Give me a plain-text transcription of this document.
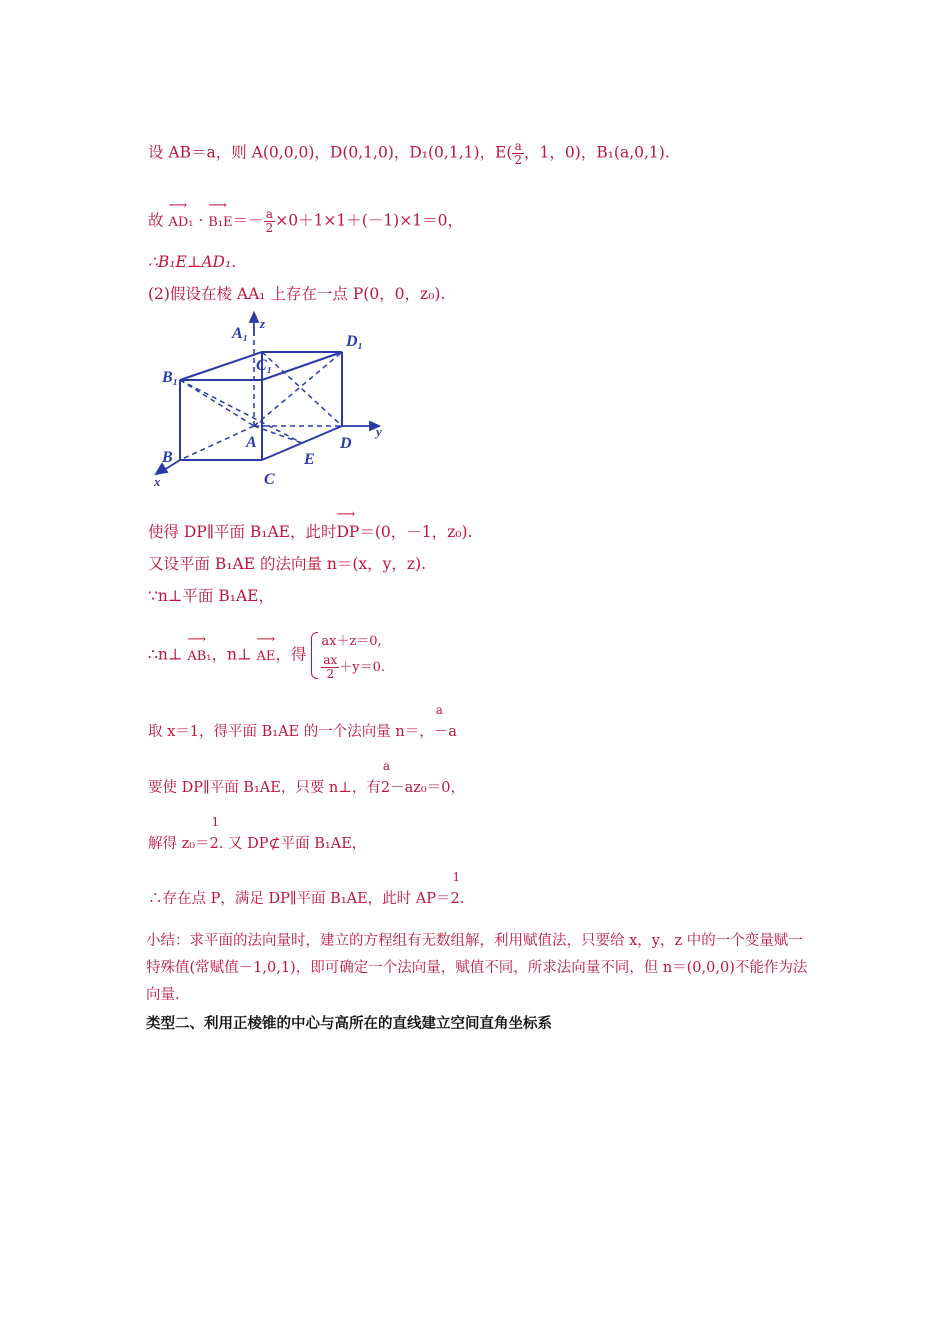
设 AB＝a，则 A(0,0,0)，D(0,1,0)，D₁(0,1,1)，$E( \frac{a}{2}$ ，1，0)，B₁(a,0,1).
故 ⟶ AD₁ · ⟶ $B_1E=- \frac{a}{2} \times 0+1\times 1+(-1)\times 1=0$，
∴B₁E⊥AD₁.
(2)假设在棱 AA₁ 上存在一点 P(0，0，z₀).
A₁
z
D₁
C₁
B₁
A
y
D
B	E
x	C
使得 DP∥平面 B₁AE，此时⟶ DP＝(0，－1，z₀).
又设平面 B₁AE 的法向量 n＝(x，y，z).
∵n⊥平面 B₁AE，
∴n⊥ ⟶ AB₁，n⊥ ⟶ AE，得
ax＋z＝0,
$\frac{ax}{2} +y=0$.
取 x＝1，得平面 B₁AE 的一个法向量 n＝，
a
－a
要使 DP∥平面 B₁AE，只要 n⊥，有
a
2－az₀＝0，
解得 z₀＝
1
2. 又 DP⊄平面 B₁AE，
∴存在点 P，满足 DP∥平面 B₁AE，此时 AP＝
1
2.
小结：求平面的法向量时，建立的方程组有无数组解，利用赋值法，只要给 x，y，z 中的一个变量赋一特殊值(常赋值－1,0,1)，即可确定一个法向量，赋值不同，所求法向量不同，但 n＝(0,0,0)不能作为法向量.
类型二、利用正棱锥的中心与高所在的直线建立空间直角坐标系
